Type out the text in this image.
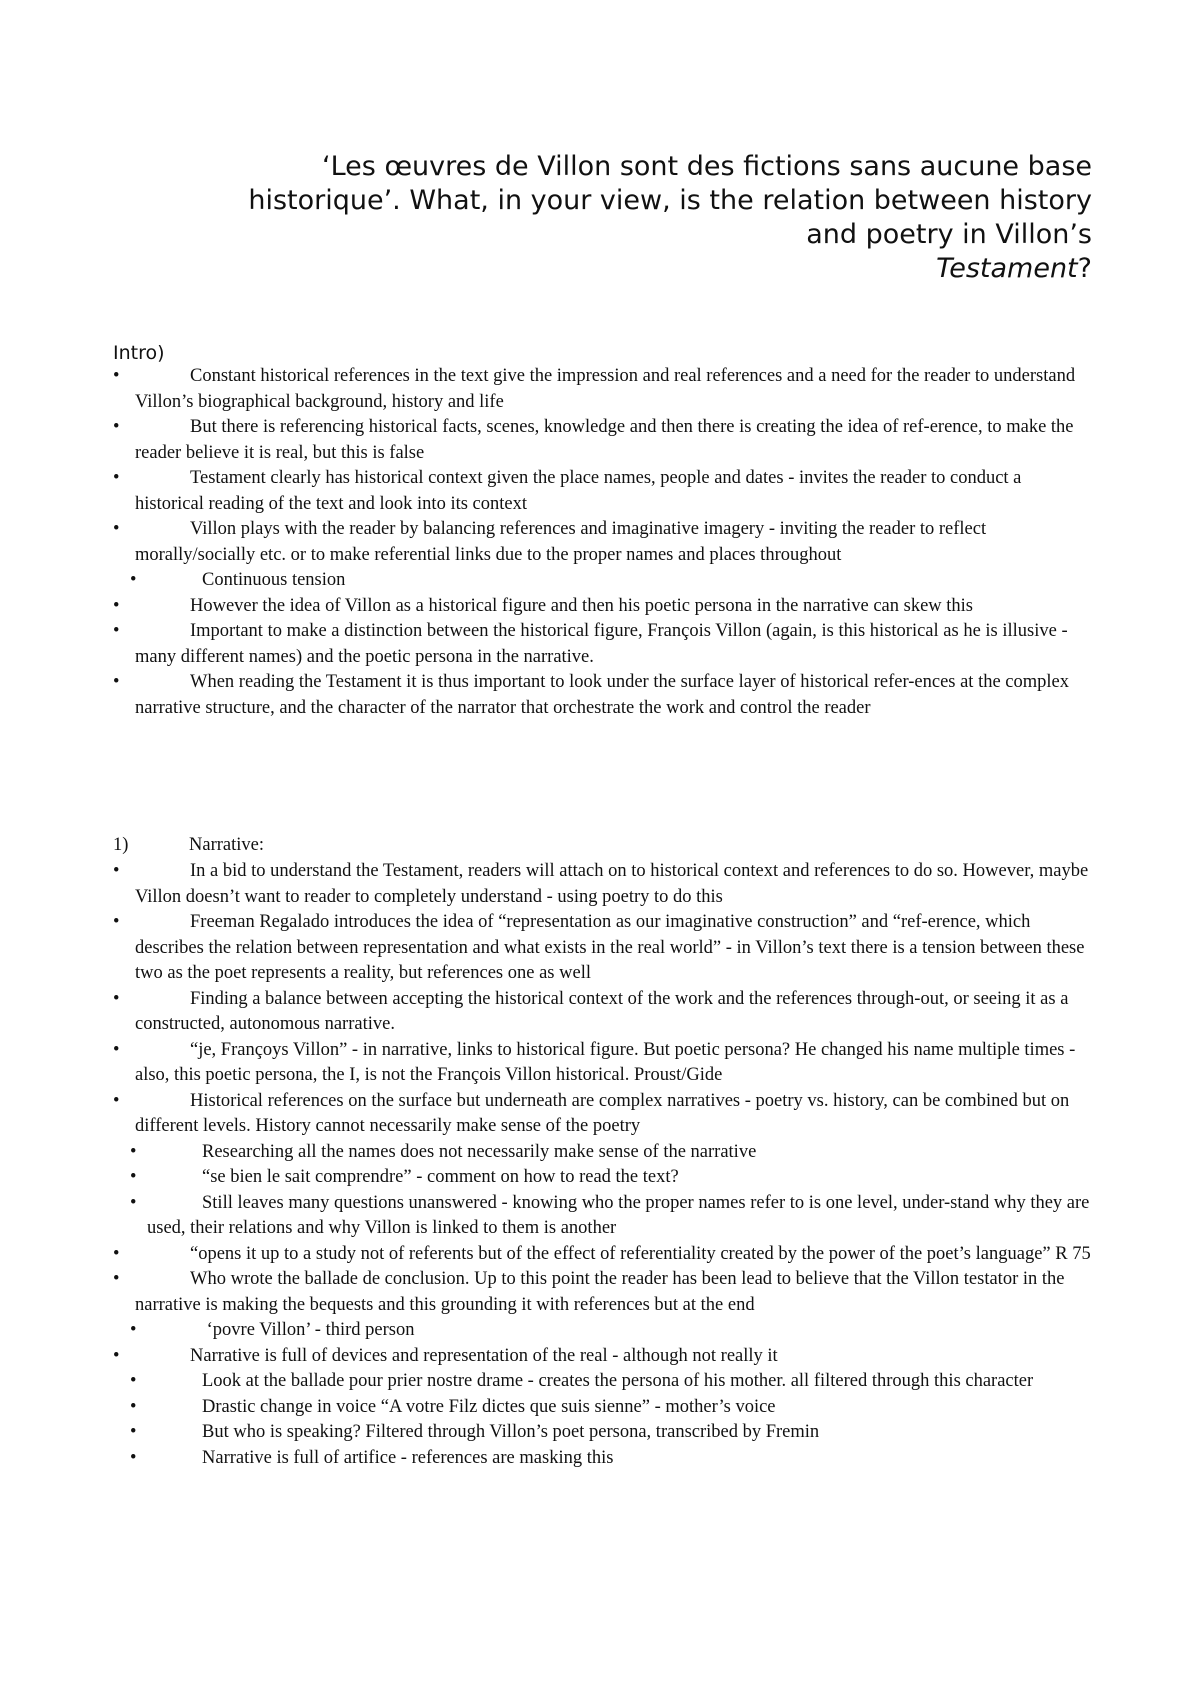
‘Les œuvres de Villon sont des fictions sans aucune base
historique’. What, in your view, is the relation between history
and poetry in Villon’s
Testament?
Intro)
•	Constant historical references in the text give the impression and real references and a need for the reader to understand Villon’s biographical background, history and life
•	But there is referencing historical facts, scenes, knowledge and then there is creating the idea of ref-erence, to make the reader believe it is real, but this is false
•	Testament clearly has historical context given the place names, people and dates - invites the reader to conduct a historical reading of the text and look into its context
•	Villon plays with the reader by balancing references and imaginative imagery - inviting the reader to reflect morally/socially etc. or to make referential links due to the proper names and places throughout
•	Continuous tension
•	However the idea of Villon as a historical figure and then his poetic persona in the narrative can skew this
•	Important to make a distinction between the historical figure, François Villon (again, is this historical as he is illusive - many different names) and the poetic persona in the narrative.
•	When reading the Testament it is thus important to look under the surface layer of historical refer-ences at the complex narrative structure, and the character of the narrator that orchestrate the work and control the reader
1)	Narrative:
•	In a bid to understand the Testament, readers will attach on to historical context and references to do so. However, maybe Villon doesn’t want to reader to completely understand - using poetry to do this
•	Freeman Regalado introduces the idea of “representation as our imaginative construction” and “ref-erence, which describes the relation between representation and what exists in the real world” - in Villon’s text there is a tension between these two as the poet represents a reality, but references one as well
•	Finding a balance between accepting the historical context of the work and the references through-out, or seeing it as a constructed, autonomous narrative.
•	“je, Françoys Villon” - in narrative, links to historical figure. But poetic persona? He changed his name multiple times - also, this poetic persona, the I, is not the François Villon historical. Proust/Gide
•	Historical references on the surface but underneath are complex narratives - poetry vs. history, can be combined but on different levels. History cannot necessarily make sense of the poetry
•	Researching all the names does not necessarily make sense of the narrative
•	“se bien le sait comprendre” - comment on how to read the text?
•	Still leaves many questions unanswered - knowing who the proper names refer to is one level, under-stand why they are used, their relations and why Villon is linked to them is another
•	“opens it up to a study not of referents but of the effect of referentiality created by the power of the poet’s language” R 75
•	Who wrote the ballade de conclusion. Up to this point the reader has been lead to believe that the Villon testator in the narrative is making the bequests and this grounding it with references but at the end
•	‘povre Villon’ - third person
•	Narrative is full of devices and representation of the real - although not really it
•	Look at the ballade pour prier nostre drame - creates the persona of his mother. all filtered through this character
•	Drastic change in voice “A votre Filz dictes que suis sienne” - mother’s voice
•	But who is speaking? Filtered through Villon’s poet persona, transcribed by Fremin
•	Narrative is full of artifice - references are masking this
